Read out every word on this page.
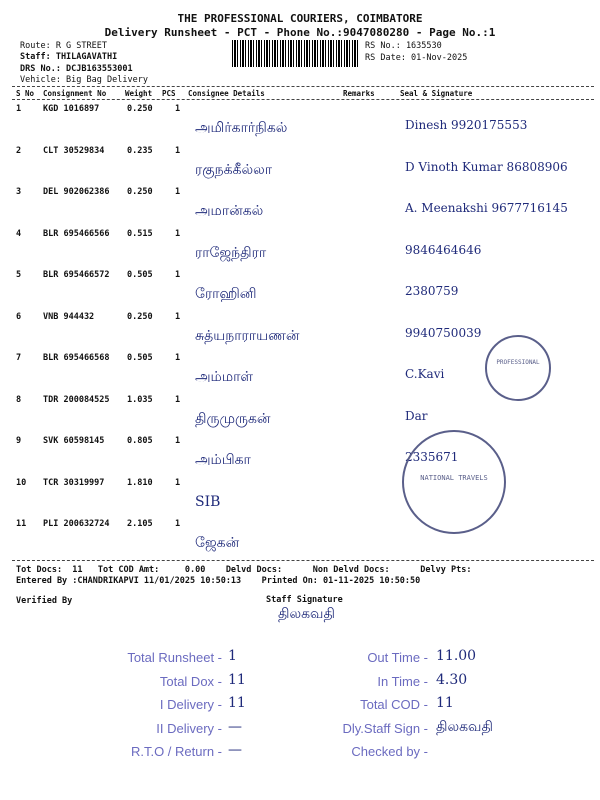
THE PROFESSIONAL COURIERS, COIMBATORE
Delivery Runsheet - PCT - Phone No.:9047080280 - Page No.:1
Route: R G STREET
Staff: THILAGAVATHI
DRS No.: DCJB163553001
Vehicle: Big Bag Delivery
RS No.: 1635530
RS Date: 01-Nov-2025
S No Consignment No	Weight PCS Consignee Details	Remarks	Seal & Signature
1	KGD 1016897	0.250	1
அமிர்கார்நிகல்	Dinesh 9920175553
2	CLT 30529834	0.235	1
ரகுநக்கீல்லா	D Vinoth Kumar 86808906
3	DEL 902062386 0.250	1
அமான்கல்	A. Meenakshi 9677716145
4	BLR 695466566 0.515	1
ராஜேந்திரா	9846464646
5	BLR 695466572 0.505	1
ரோஹினி	2380759
6	VNB 944432	0.250	1
சுத்யநாராயணன்	9940750039
7	BLR 695466568 0.505	1
அம்மாள்	C.Kavi
8	TDR 200084525 1.035	1
திருமுருகன்	Dar
9	SVK 60598145	0.805	1
அம்பிகா	2335671
10 TCR 30319997	1.810	1
SIB
11 PLI 200632724 2.105	1
ஜேகன்
PROFESSIONAL
NATIONAL TRAVELS
Tot Docs:  11   Tot COD Amt:     0.00    Delvd Docs:      Non Delvd Docs:      Delvy Pts:
Entered By :CHANDRIKAPVI 11/01/2025 10:50:13    Printed On: 01-11-2025 10:50:50
Verified By	Staff Signature
திலகவதி
Total Runsheet - 1
Total Dox - 11
I Delivery - 11
II Delivery - —
R.T.O / Return - —
Out Time - 11.00
In Time - 4.30
Total COD - 11
Dly.Staff Sign - திலகவதி
Checked by -
